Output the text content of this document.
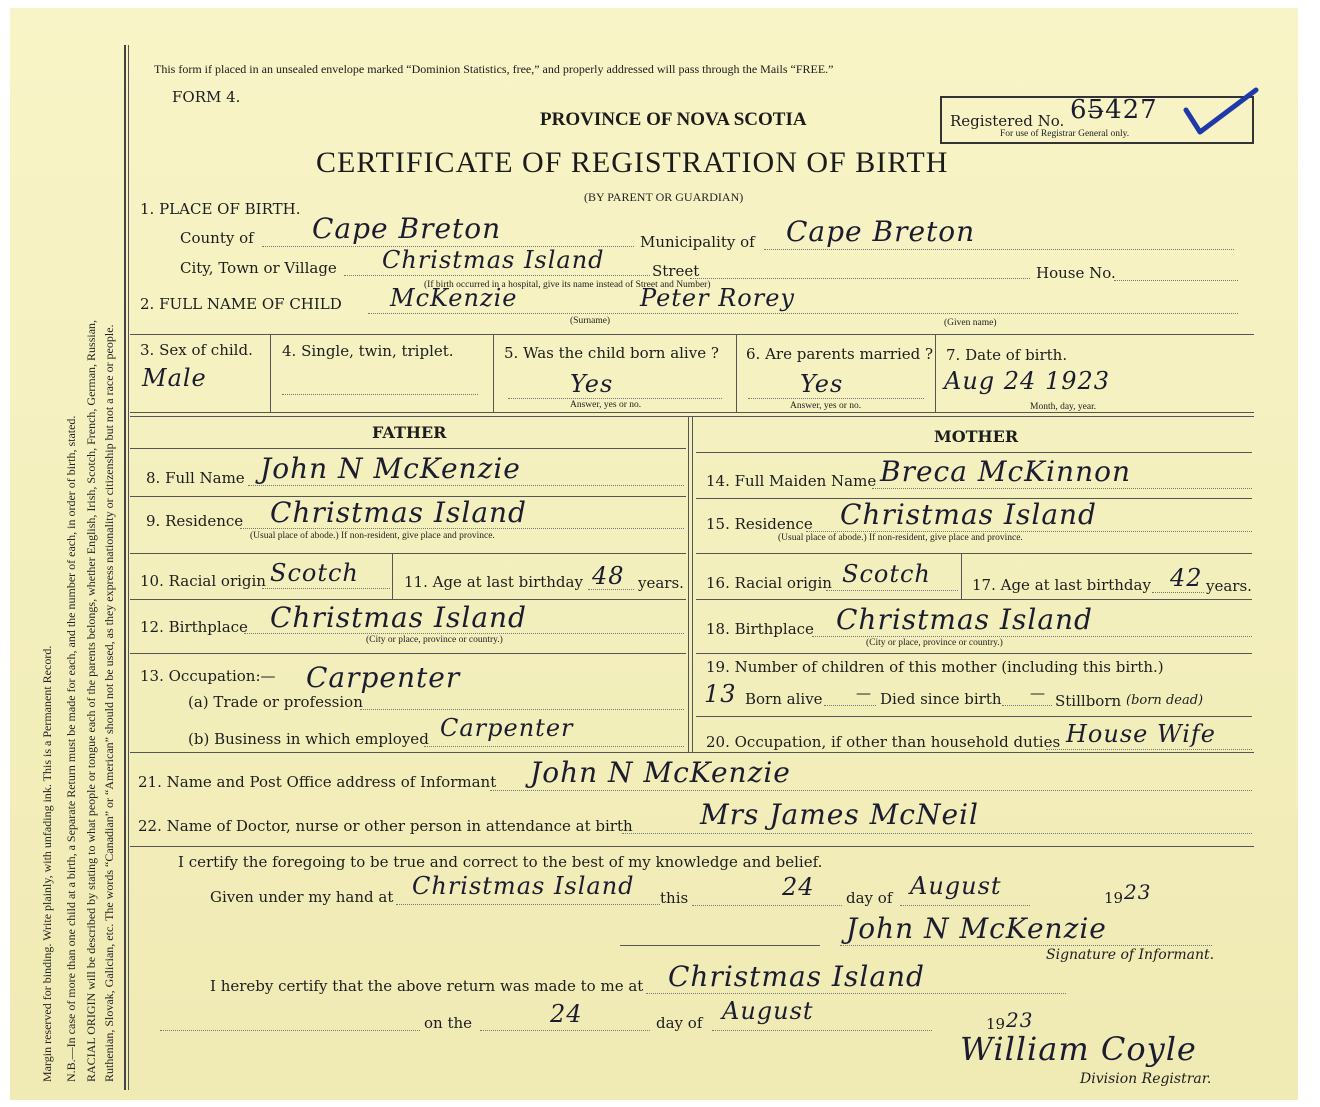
Margin reserved for binding. Write plainly, with unfading ink. This is a Permanent Record. N.B.—In case of more than one child at a birth, a Separate Return must be made for each, and the number of each, in order of birth, stated. RACIAL ORIGIN will be described by stating to what people or tongue each of the parents belongs, whether English, Irish, Scotch, French, German, Russian, Ruthenian, Slovak, Galician, etc. The words “Canadian” or “American” should not be used, as they express nationality or citizenship but not a race or people.
This form if placed in an unsealed envelope marked “Dominion Statistics, free,” and properly addressed will pass through the Mails “FREE.”
FORM 4.
PROVINCE OF NOVA SCOTIA
CERTIFICATE OF REGISTRATION OF BIRTH
(BY PARENT OR GUARDIAN)
Registered No. 65̶427
For use of Registrar General only.
1. PLACE OF BIRTH.
County of Cape Breton	Municipality of Cape Breton
City, Town or Village Christmas Island	Street	House No.
(If birth occurred in a hospital, give its name instead of Street and Number)
2. FULL NAME OF CHILD McKenzie	Peter Rorey
(Surname)	(Given name)
3. Sex of child.
Male
4. Single, twin, triplet.	5. Was the child born alive ?
Yes
Answer, yes or no.
6. Are parents married ?
Yes
Answer, yes or no.
7. Date of birth.
Aug 24 1923
Month, day, year.
FATHER	MOTHER
8. Full Name John N McKenzie
9. Residence Christmas Island
(Usual place of abode.) If non-resident, give place and province.
10. Racial origin Scotch	11. Age at last birthday 48 years.
12. Birthplace Christmas Island
(City or place, province or country.)
13. Occupation:— Carpenter
(a) Trade or profession
(b) Business in which employed Carpenter
14. Full Maiden Name Breca McKinnon
15. Residence Christmas Island
(Usual place of abode.) If non-resident, give place and province.
16. Racial origin Scotch	17. Age at last birthday 42 years.
18. Birthplace Christmas Island
(City or place, province or country.)
19. Number of children of this mother (including this birth.)
13 Born alive — Died since birth — Stillborn (born dead)
20. Occupation, if other than household duties House Wife
21. Name and Post Office address of Informant John N McKenzie
22. Name of Doctor, nurse or other person in attendance at birth Mrs James McNeil
I certify the foregoing to be true and correct to the best of my knowledge and belief.
Given under my hand at Christmas Island this	24 day of August	19 23
John N McKenzie
Signature of Informant.
I hereby certify that the above return was made to me at Christmas Island
on the	24	day of August	19 23
William Coyle
Division Registrar.
